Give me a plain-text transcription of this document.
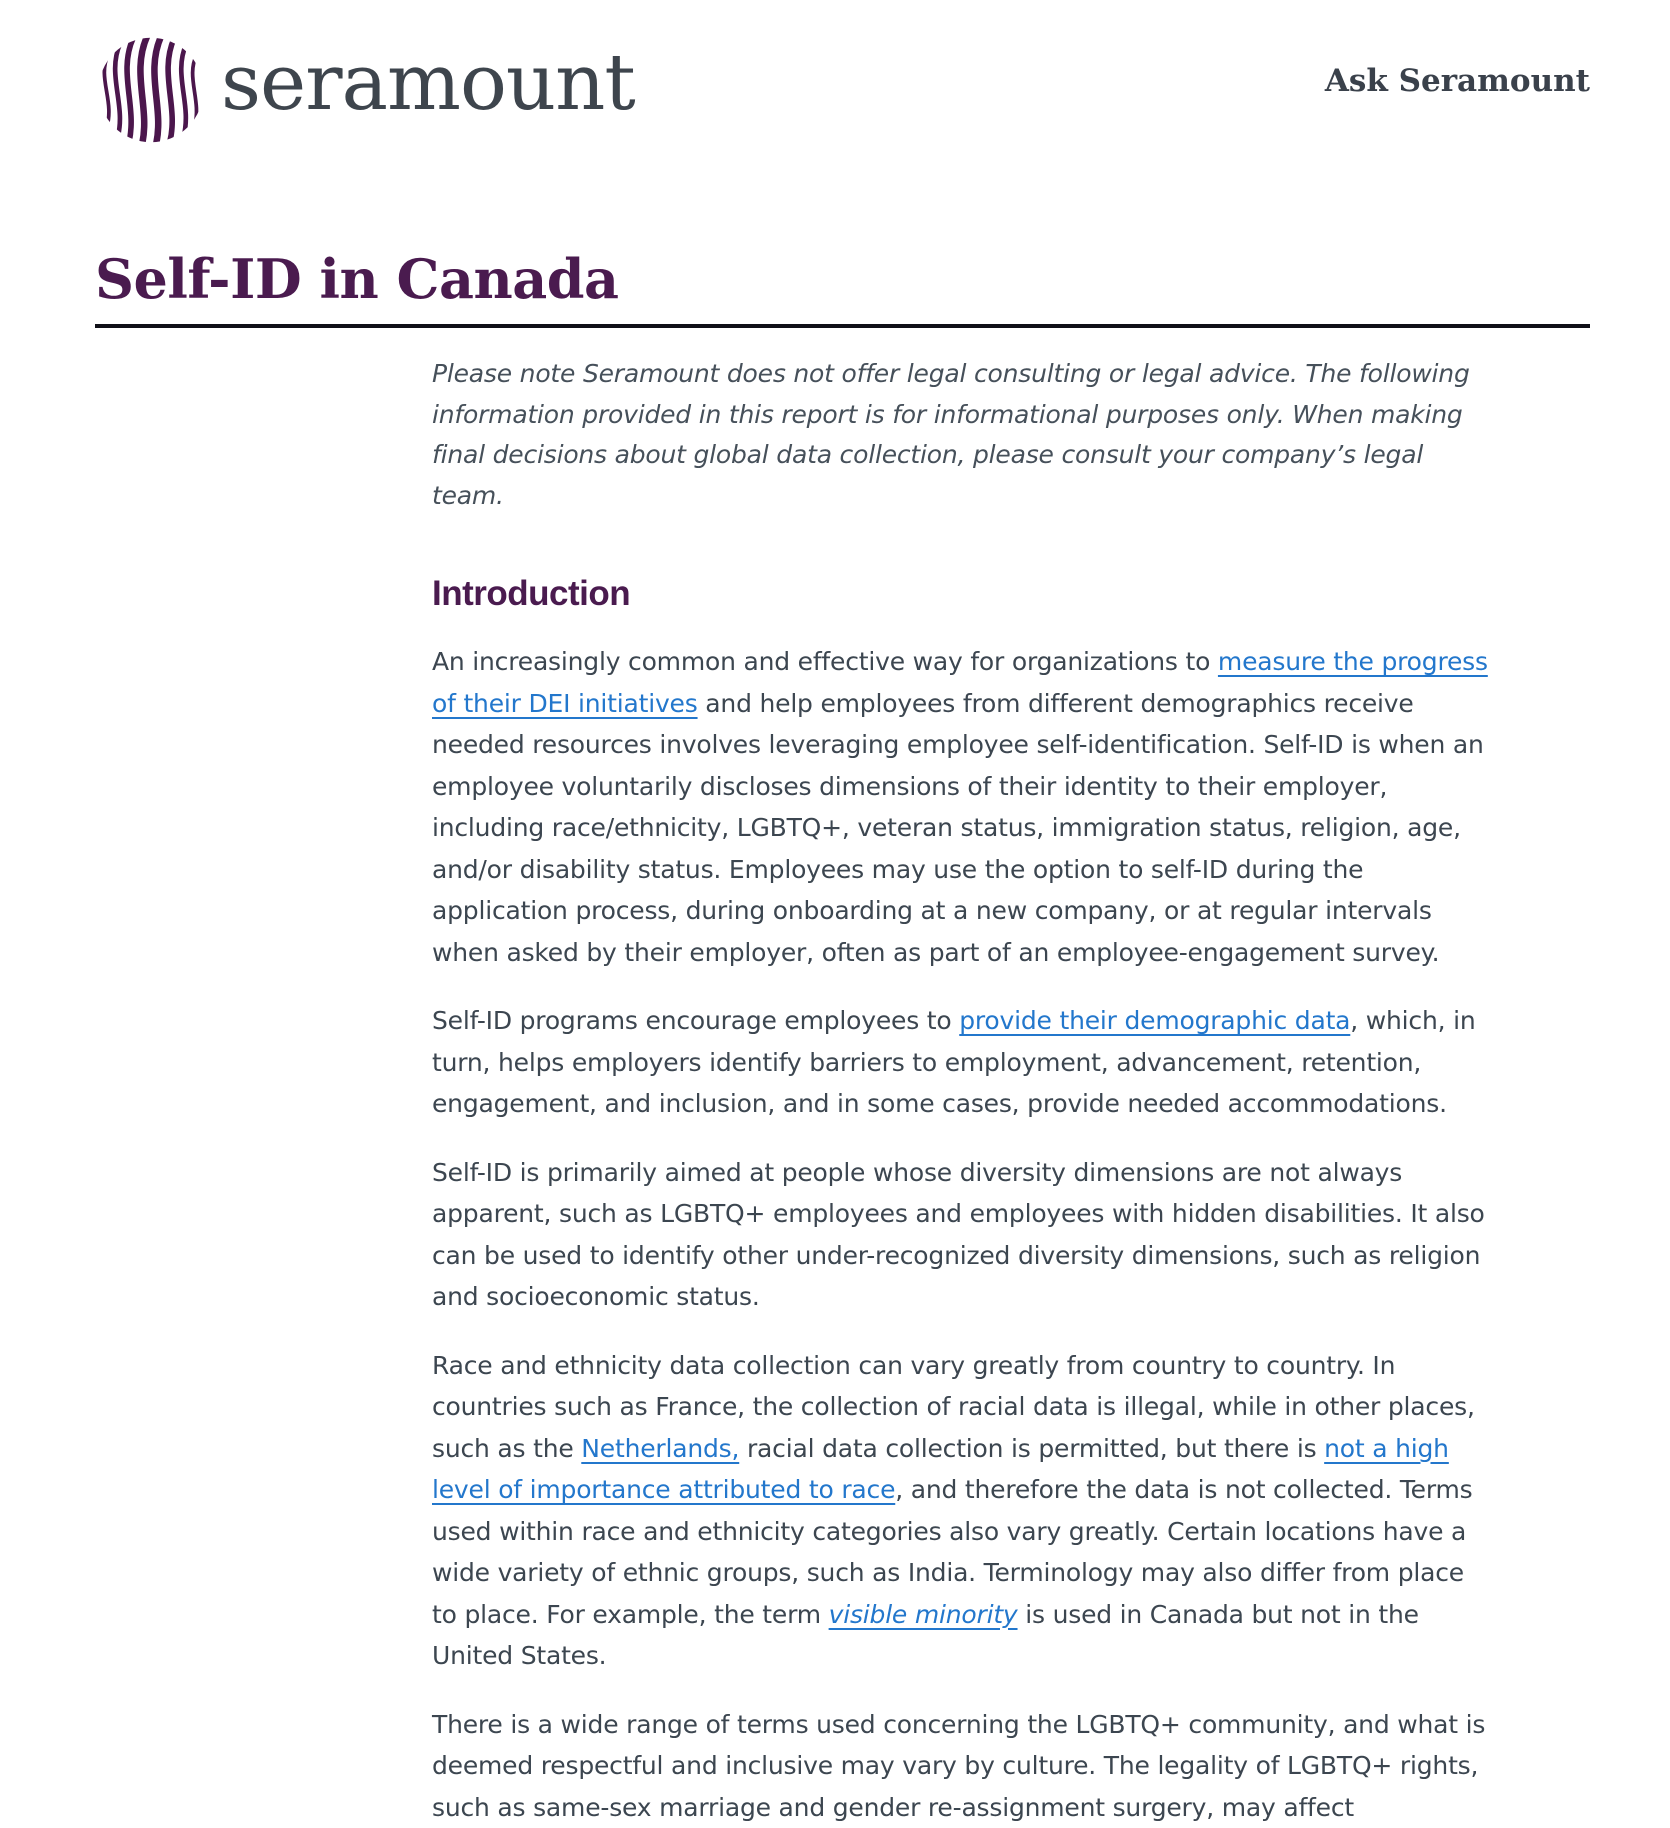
seramount	Ask Seramount
Self-ID in Canada

Please note Seramount does not offer legal consulting or legal advice. The following information provided in this report is for informational purposes only. When making final decisions about global data collection, please consult your company’s legal team.

Introduction

An increasingly common and effective way for organizations to measure the progress of their DEI initiatives and help employees from different demographics receive needed resources involves leveraging employee self-identification. Self-ID is when an employee voluntarily discloses dimensions of their identity to their employer, including race/ethnicity, LGBTQ+, veteran status, immigration status, religion, age, and/or disability status. Employees may use the option to self-ID during the application process, during onboarding at a new company, or at regular intervals when asked by their employer, often as part of an employee-engagement survey.

Self-ID programs encourage employees to provide their demographic data, which, in turn, helps employers identify barriers to employment, advancement, retention, engagement, and inclusion, and in some cases, provide needed accommodations.

Self-ID is primarily aimed at people whose diversity dimensions are not always apparent, such as LGBTQ+ employees and employees with hidden disabilities. It also can be used to identify other under-recognized diversity dimensions, such as religion and socioeconomic status.

Race and ethnicity data collection can vary greatly from country to country. In countries such as France, the collection of racial data is illegal, while in other places, such as the Netherlands, racial data collection is permitted, but there is not a high level of importance attributed to race, and therefore the data is not collected. Terms used within race and ethnicity categories also vary greatly. Certain locations have a wide variety of ethnic groups, such as India. Terminology may also differ from place to place. For example, the term visible minority is used in Canada but not in the United States.

There is a wide range of terms used concerning the LGBTQ+ community, and what is deemed respectful and inclusive may vary by culture. The legality of LGBTQ+ rights, such as same-sex marriage and gender re-assignment surgery, may affect
